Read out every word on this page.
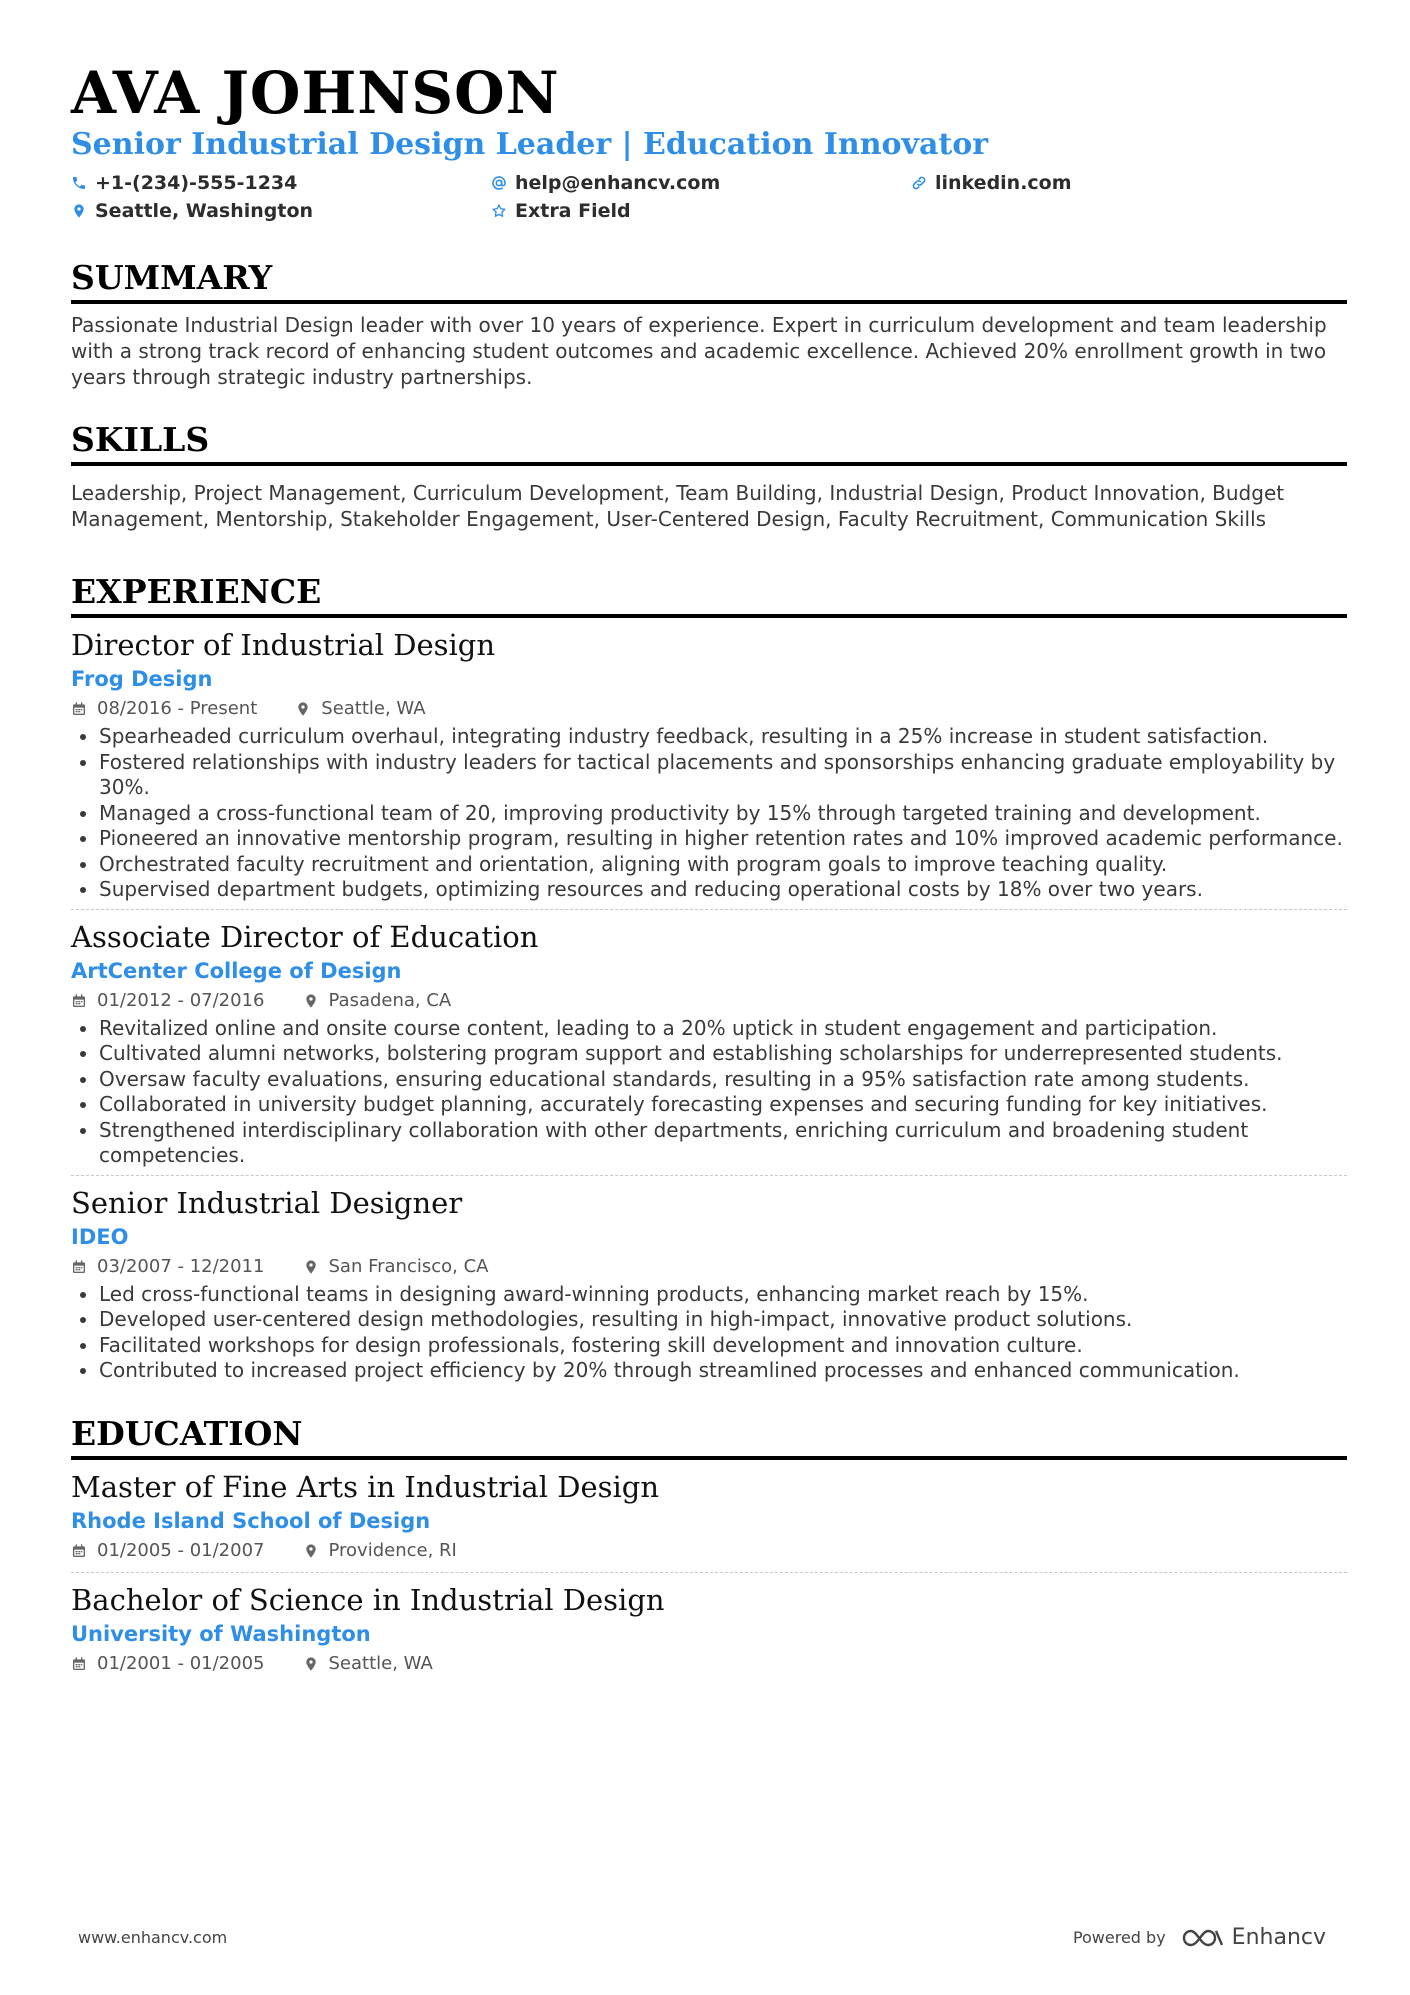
AVA JOHNSON
Senior Industrial Design Leader | Education Innovator
+1-(234)-555-1234	help@enhancv.com	linkedin.com
Seattle, Washington	Extra Field
SUMMARY
Passionate Industrial Design leader with over 10 years of experience. Expert in curriculum development and team leadership with a strong track record of enhancing student outcomes and academic excellence. Achieved 20% enrollment growth in two years through strategic industry partnerships.
SKILLS
Leadership, Project Management, Curriculum Development, Team Building, Industrial Design, Product Innovation, Budget Management, Mentorship, Stakeholder Engagement, User-Centered Design, Faculty Recruitment, Communication Skills
EXPERIENCE
Director of Industrial Design
Frog Design
08/2016 - Present	Seattle, WA
• Spearheaded curriculum overhaul, integrating industry feedback, resulting in a 25% increase in student satisfaction.
• Fostered relationships with industry leaders for tactical placements and sponsorships enhancing graduate employability by 30%.
• Managed a cross-functional team of 20, improving productivity by 15% through targeted training and development.
• Pioneered an innovative mentorship program, resulting in higher retention rates and 10% improved academic performance.
• Orchestrated faculty recruitment and orientation, aligning with program goals to improve teaching quality.
• Supervised department budgets, optimizing resources and reducing operational costs by 18% over two years.
Associate Director of Education
ArtCenter College of Design
01/2012 - 07/2016	Pasadena, CA
• Revitalized online and onsite course content, leading to a 20% uptick in student engagement and participation.
• Cultivated alumni networks, bolstering program support and establishing scholarships for underrepresented students.
• Oversaw faculty evaluations, ensuring educational standards, resulting in a 95% satisfaction rate among students.
• Collaborated in university budget planning, accurately forecasting expenses and securing funding for key initiatives.
• Strengthened interdisciplinary collaboration with other departments, enriching curriculum and broadening student competencies.
Senior Industrial Designer
IDEO
03/2007 - 12/2011	San Francisco, CA
• Led cross-functional teams in designing award-winning products, enhancing market reach by 15%.
• Developed user-centered design methodologies, resulting in high-impact, innovative product solutions.
• Facilitated workshops for design professionals, fostering skill development and innovation culture.
• Contributed to increased project efficiency by 20% through streamlined processes and enhanced communication.
EDUCATION
Master of Fine Arts in Industrial Design
Rhode Island School of Design
01/2005 - 01/2007	Providence, RI
Bachelor of Science in Industrial Design
University of Washington
01/2001 - 01/2005	Seattle, WA
www.enhancv.com	Powered by	Enhancv
